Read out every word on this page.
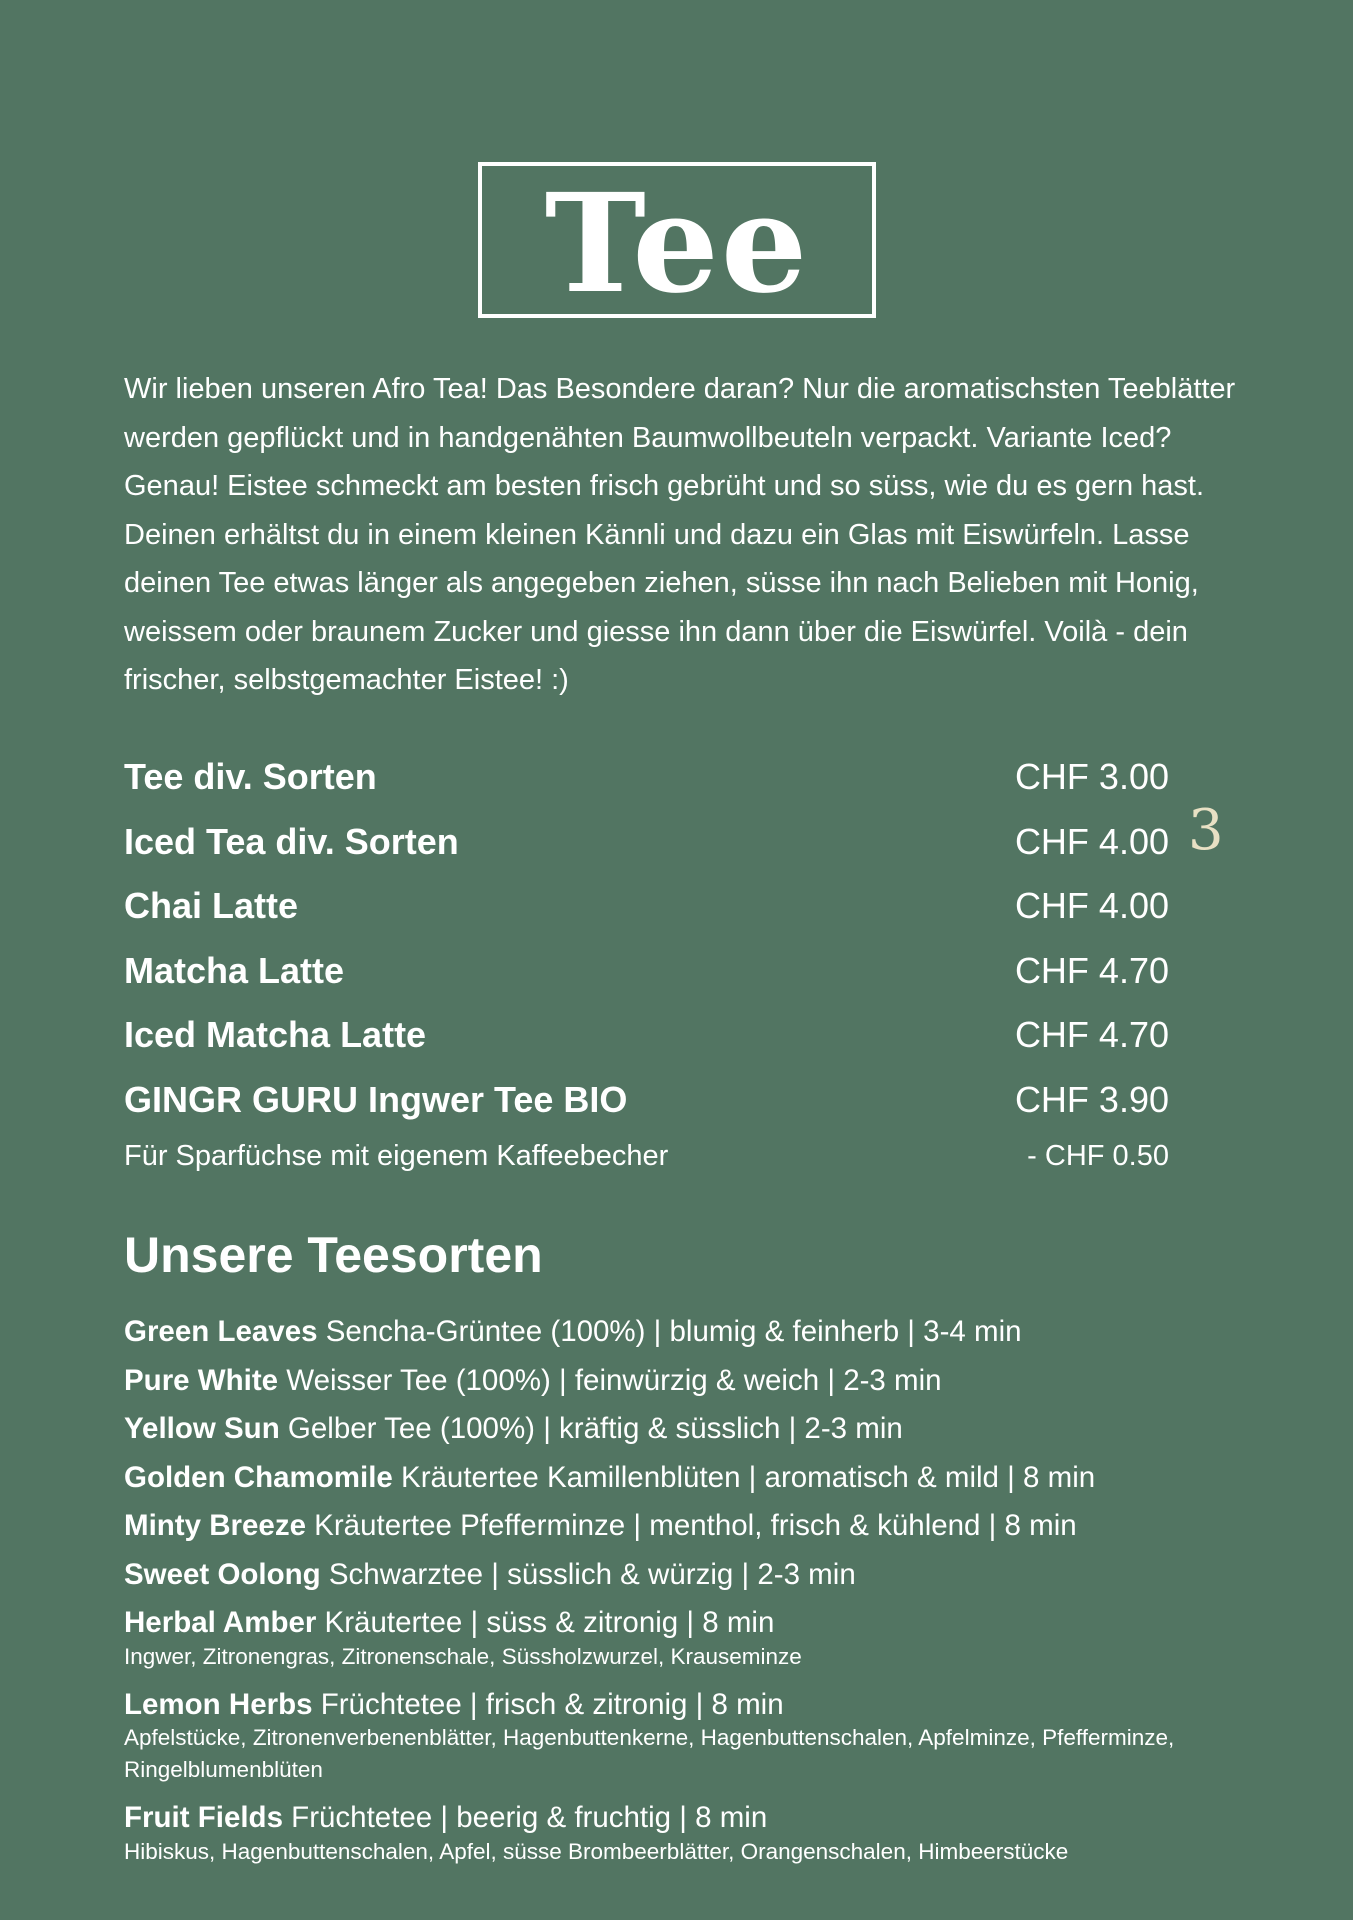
Tee

Wir lieben unseren Afro Tea! Das Besondere daran? Nur die aromatischsten Teeblätter werden gepflückt und in handgenähten Baumwollbeuteln verpackt. Variante Iced? Genau! Eistee schmeckt am besten frisch gebrüht und so süss, wie du es gern hast. Deinen erhältst du in einem kleinen Kännli und dazu ein Glas mit Eiswürfeln. Lasse deinen Tee etwas länger als angegeben ziehen, süsse ihn nach Belieben mit Honig, weissem oder braunem Zucker und giesse ihn dann über die Eiswürfel. Voilà - dein frischer, selbstgemachter Eistee! :)

Tee div. Sorten	CHF 3.00
Iced Tea div. Sorten	CHF 4.00
Chai Latte	CHF 4.00
Matcha Latte	CHF 4.70
Iced Matcha Latte	CHF 4.70
GINGR GURU Ingwer Tee BIO	CHF 3.90
Für Sparfüchse mit eigenem Kaffeebecher	- CHF 0.50
3
Unsere Teesorten
Green Leaves Sencha-Grüntee (100%) | blumig & feinherb | 3-4 min
Pure White Weisser Tee (100%) | feinwürzig & weich | 2-3 min
Yellow Sun Gelber Tee (100%) | kräftig & süsslich | 2-3 min
Golden Chamomile Kräutertee Kamillenblüten | aromatisch & mild | 8 min
Minty Breeze Kräutertee Pfefferminze | menthol, frisch & kühlend | 8 min
Sweet Oolong Schwarztee | süsslich & würzig | 2-3 min
Herbal Amber Kräutertee | süss & zitronig | 8 min
Ingwer, Zitronengras, Zitronenschale, Süssholzwurzel, Krauseminze
Lemon Herbs Früchtetee | frisch & zitronig | 8 min
Apfelstücke, Zitronenverbenenblätter, Hagenbuttenkerne, Hagenbuttenschalen, Apfelminze, Pfefferminze, Ringelblumenblüten
Fruit Fields Früchtetee | beerig & fruchtig | 8 min
Hibiskus, Hagenbuttenschalen, Apfel, süsse Brombeerblätter, Orangenschalen, Himbeerstücke
